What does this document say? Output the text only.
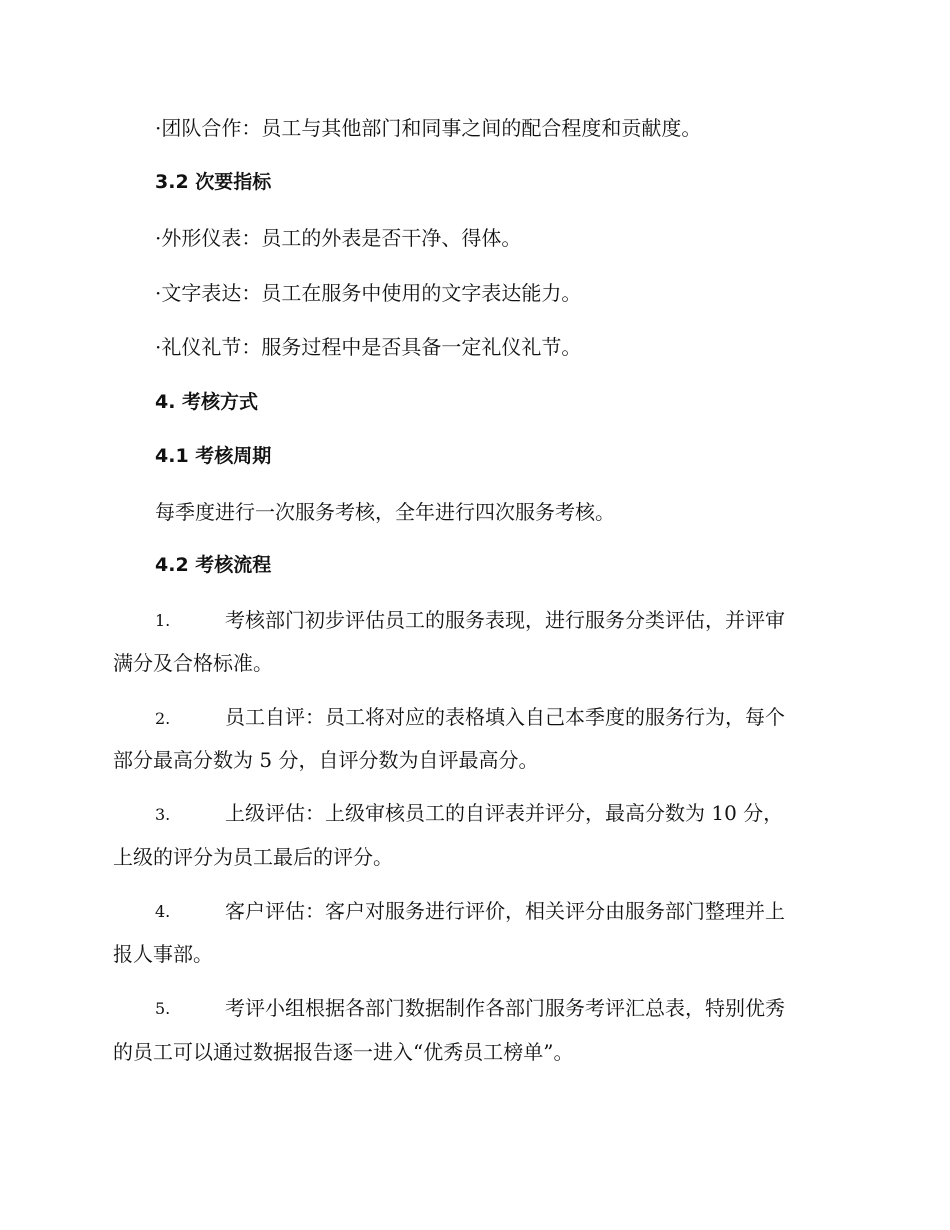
·团队合作：员工与其他部门和同事之间的配合程度和贡献度。
3.2 次要指标
·外形仪表：员工的外表是否干净、得体。
·文字表达：员工在服务中使用的文字表达能力。
·礼仪礼节：服务过程中是否具备一定礼仪礼节。
4. 考核方式
4.1 考核周期
每季度进行一次服务考核，全年进行四次服务考核。
4.2 考核流程
1.	考核部门初步评估员工的服务表现，进行服务分类评估，并评审
满分及合格标准。
2.	员工自评：员工将对应的表格填入自己本季度的服务行为，每个
部分最高分数为 5 分，自评分数为自评最高分。
3.	上级评估：上级审核员工的自评表并评分，最高分数为 10 分，
上级的评分为员工最后的评分。
4.	客户评估：客户对服务进行评价，相关评分由服务部门整理并上
报人事部。
5.	考评小组根据各部门数据制作各部门服务考评汇总表，特别优秀
的员工可以通过数据报告逐一进入“优秀员工榜单”。
